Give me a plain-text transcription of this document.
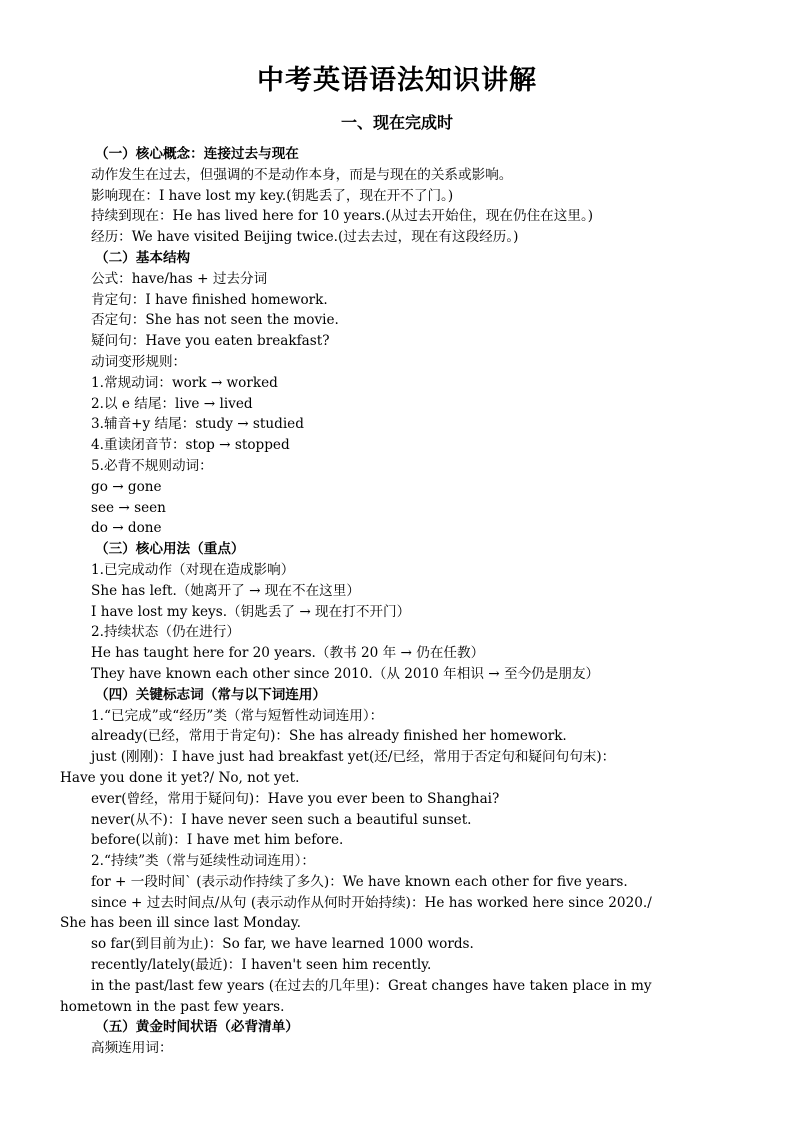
中考英语语法知识讲解
一、现在完成时
（一）核心概念：连接过去与现在
动作发生在过去，但强调的不是动作本身，而是与现在的关系或影响。
影响现在：I have lost my key.(钥匙丢了，现在开不了门。)
持续到现在：He has lived here for 10 years.(从过去开始住，现在仍住在这里。)
经历：We have visited Beijing twice.(过去去过，现在有这段经历。)
（二）基本结构
公式：have/has + 过去分词
肯定句：I have finished homework.
否定句：She has not seen the movie.
疑问句：Have you eaten breakfast?
动词变形规则：
1.常规动词：work → worked
2.以 e 结尾：live → lived
3.辅音+y 结尾：study → studied
4.重读闭音节：stop → stopped
5.必背不规则动词：
go → gone
see → seen
do → done
（三）核心用法（重点）
1.已完成动作（对现在造成影响）
She has left.（她离开了 → 现在不在这里）
I have lost my keys.（钥匙丢了 → 现在打不开门）
2.持续状态（仍在进行）
He has taught here for 20 years.（教书 20 年 → 仍在任教）
They have known each other since 2010.（从 2010 年相识 → 至今仍是朋友）
（四）关键标志词（常与以下词连用）
1.“已完成”或“经历”类（常与短暂性动词连用）：
already(已经，常用于肯定句)：She has already finished her homework.
just (刚刚)：I have just had breakfast yet(还/已经，常用于否定句和疑问句句末)：
Have you done it yet?/ No, not yet.
ever(曾经，常用于疑问句)：Have you ever been to Shanghai?
never(从不)：I have never seen such a beautiful sunset.
before(以前)：I have met him before.
2.“持续”类（常与延续性动词连用）：
for + 一段时间` (表示动作持续了多久)：We have known each other for five years.
since + 过去时间点/从句 (表示动作从何时开始持续)：He has worked here since 2020./
She has been ill since last Monday.
so far(到目前为止)：So far, we have learned 1000 words.
recently/lately(最近)：I haven't seen him recently.
in the past/last few years (在过去的几年里)：Great changes have taken place in my
hometown in the past few years.
（五）黄金时间状语（必背清单）
高频连用词：
